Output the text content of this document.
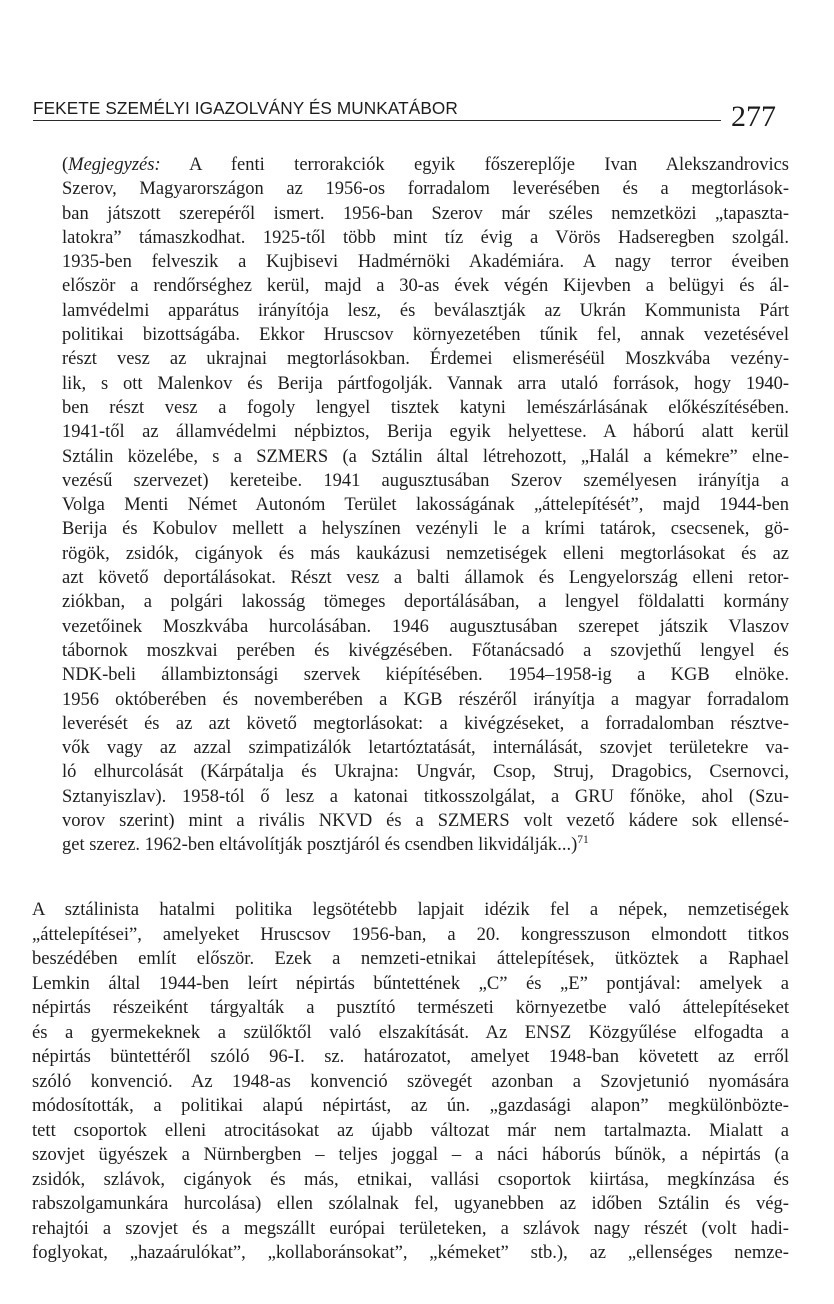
FEKETE SZEMÉLYI IGAZOLVÁNY ÉS MUNKATÁBOR	277
(Megjegyzés: A fenti terrorakciók egyik főszereplője Ivan Alekszandrovics
Szerov, Magyarországon az 1956-os forradalom leverésében és a megtorlások-
ban játszott szerepéről ismert. 1956-ban Szerov már széles nemzetközi „tapaszta-
latokra” támaszkodhat. 1925-től több mint tíz évig a Vörös Hadseregben szolgál.
1935-ben felveszik a Kujbisevi Hadmérnöki Akadémiára. A nagy terror éveiben
először a rendőrséghez kerül, majd a 30-as évek végén Kijevben a belügyi és ál-
lamvédelmi apparátus irányítója lesz, és beválasztják az Ukrán Kommunista Párt
politikai bizottságába. Ekkor Hruscsov környezetében tűnik fel, annak vezetésével
részt vesz az ukrajnai megtorlásokban. Érdemei elismeréséül Moszkvába vezény-
lik, s ott Malenkov és Berija pártfogolják. Vannak arra utaló források, hogy 1940-
ben részt vesz a fogoly lengyel tisztek katyni lemészárlásának előkészítésében.
1941-től az államvédelmi népbiztos, Berija egyik helyettese. A háború alatt kerül
Sztálin közelébe, s a SZMERS (a Sztálin által létrehozott, „Halál a kémekre” elne-
vezésű szervezet) kereteibe. 1941 augusztusában Szerov személyesen irányítja a
Volga Menti Német Autonóm Terület lakosságának „áttelepítését”, majd 1944-ben
Berija és Kobulov mellett a helyszínen vezényli le a krími tatárok, csecsenek, gö-
rögök, zsidók, cigányok és más kaukázusi nemzetiségek elleni megtorlásokat és az
azt követő deportálásokat. Részt vesz a balti államok és Lengyelország elleni retor-
ziókban, a polgári lakosság tömeges deportálásában, a lengyel földalatti kormány
vezetőinek Moszkvába hurcolásában. 1946 augusztusában szerepet játszik Vlaszov
tábornok moszkvai perében és kivégzésében. Főtanácsadó a szovjethű lengyel és
NDK-beli állambiztonsági szervek kiépítésében. 1954–1958-ig a KGB elnöke.
1956 októberében és novemberében a KGB részéről irányítja a magyar forradalom
leverését és az azt követő megtorlásokat: a kivégzéseket, a forradalomban résztve-
vők vagy az azzal szimpatizálók letartóztatását, internálását, szovjet területekre va-
ló elhurcolását (Kárpátalja és Ukrajna: Ungvár, Csop, Struj, Dragobics, Csernovci,
Sztanyiszlav). 1958-tól ő lesz a katonai titkosszolgálat, a GRU főnöke, ahol (Szu-
vorov szerint) mint a rivális NKVD és a SZMERS volt vezető kádere sok ellensé-
get szerez. 1962-ben eltávolítják posztjáról és csendben likvidálják...)$^{71}$
A sztálinista hatalmi politika legsötétebb lapjait idézik fel a népek, nemzetiségek
„áttelepítései”, amelyeket Hruscsov 1956-ban, a 20. kongresszuson elmondott titkos
beszédében említ először. Ezek a nemzeti-etnikai áttelepítések, ütköztek a Raphael
Lemkin által 1944-ben leírt népirtás bűntettének „C” és „E” pontjával: amelyek a
népirtás részeiként tárgyalták a pusztító természeti környezetbe való áttelepítéseket
és a gyermekeknek a szülőktől való elszakítását. Az ENSZ Közgyűlése elfogadta a
népirtás büntettéről szóló 96-I. sz. határozatot, amelyet 1948-ban követett az erről
szóló konvenció. Az 1948-as konvenció szövegét azonban a Szovjetunió nyomására
módosították, a politikai alapú népirtást, az ún. „gazdasági alapon” megkülönbözte-
tett csoportok elleni atrocitásokat az újabb változat már nem tartalmazta. Mialatt a
szovjet ügyészek a Nürnbergben – teljes joggal – a náci háborús bűnök, a népirtás (a
zsidók, szlávok, cigányok és más, etnikai, vallási csoportok kiirtása, megkínzása és
rabszolgamunkára hurcolása) ellen szólalnak fel, ugyanebben az időben Sztálin és vég-
rehajtói a szovjet és a megszállt európai területeken, a szlávok nagy részét (volt hadi-
foglyokat, „hazaárulókat”, „kollaboránsokat”, „kémeket” stb.), az „ellenséges nemze-
